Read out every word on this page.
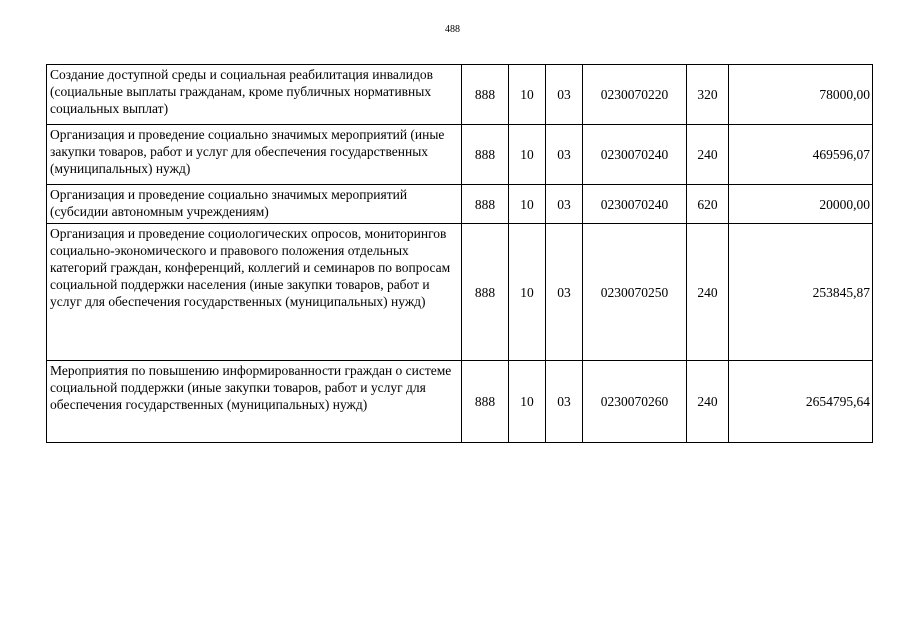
488
Создание доступной среды и социальная реабилитация инвалидов (социальные выплаты гражданам, кроме публичных нормативных социальных выплат)	888	10	03	0230070220	320	78000,00
Организация и проведение социально значимых мероприятий (иные закупки товаров, работ и услуг для обеспечения государственных (муниципальных) нужд)	888	10	03	0230070240	240	469596,07
Организация и проведение социально значимых мероприятий (субсидии автономным учреждениям)	888	10	03	0230070240	620	20000,00
Организация и проведение социологических опросов, мониторингов социально-экономического и правового положения отдельных категорий граждан, конференций, коллегий и семинаров по вопросам социальной поддержки населения (иные закупки товаров, работ и услуг для обеспечения государственных (муниципальных) нужд)	888	10	03	0230070250	240	253845,87
Мероприятия по повышению информированности граждан о системе социальной поддержки (иные закупки товаров, работ и услуг для обеспечения государственных (муниципальных) нужд)	888	10	03	0230070260	240	2654795,64
